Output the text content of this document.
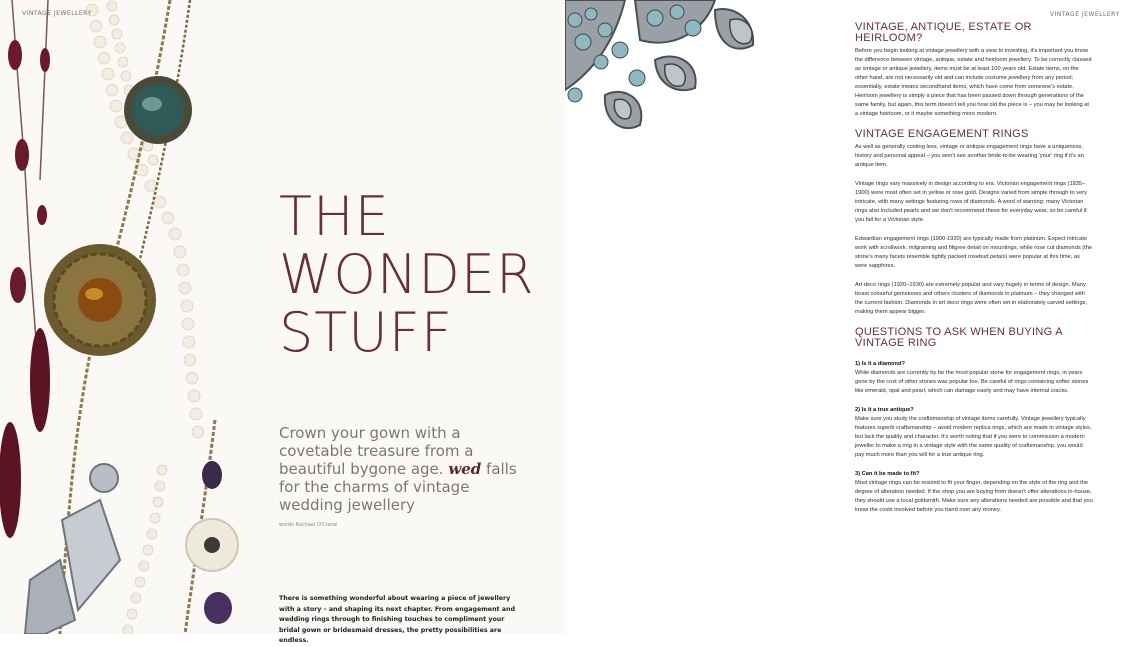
VINTAGE JEWELLERY
THE
WONDER
STUFF
Crown your gown with a covetable treasure from a beautiful bygone age. wed falls for the charms of vintage wedding jewellery
words Rachael O'Crane
There is something wonderful about wearing a piece of jewellery with a story – and shaping its next chapter. From engagement and wedding rings through to finishing touches to compliment your bridal gown or bridesmaid dresses, the pretty possibilities are endless.
VINTAGE JEWELLERY
VINTAGE, ANTIQUE, ESTATE OR HEIRLOOM?

Before you begin looking at vintage jewellery with a view to investing, it's important you know the difference between vintage, antique, estate and heirloom jewellery. To be correctly classed as vintage or antique jewellery, items must be at least 100 years old. Estate items, on the other hand, are not necessarily old and can include costume jewellery from any period; essentially, estate means secondhand items, which have come from someone's estate. Heirloom jewellery is simply a piece that has been passed down through generations of the same family, but again, this term doesn't tell you how old the piece is – you may be looking at a vintage heirloom, or it maybe something more modern.

VINTAGE ENGAGEMENT RINGS

As well as generally costing less, vintage or antique engagement rings have a uniqueness, history and personal appeal – you won't see another bride-to-be wearing 'your' ring if it's an antique item.

Vintage rings vary massively in design according to era. Victorian engagement rings (1835–1900) were most often set in yellow or rose gold. Designs varied from simple through to very intricate, with many settings featuring rows of diamonds. A word of warning: many Victorian rings also included pearls and we don't recommend these for everyday wear, so be careful if you fall for a Victorian style.

Edwardian engagement rings (1900-1920) are typically made from platinum. Expect intricate work with scrollwork, milgraining and filigree detail on mountings, while rose cut diamonds (the stone's many facets resemble tightly packed rosebud petals) were popular at this time, as were sapphires.

Art deco rings (1920–1930) are extremely popular and vary hugely in terms of design. Many boast colourful gemstones and others clusters of diamonds in platinum – they changed with the current fashion. Diamonds in art deco rings were often set in elaborately carved settings, making them appear bigger.

QUESTIONS TO ASK WHEN BUYING A VINTAGE RING

1) Is it a diamond?

While diamonds are currently by far the most popular stone for engagement rings, in years gone by the cost of other stones was popular too. Be careful of rings containing softer stones like emerald, opal and pearl, which can damage easily and may have internal cracks.

2) Is it a true antique?

Make sure you study the craftsmanship of vintage items carefully. Vintage jewellery typically features superb craftsmanship – avoid modern replica rings, which are made in vintage styles, but lack the quality and character. It's worth noting that if you were to commission a modern jeweller to make a ring in a vintage style with the same quality of craftsmanship, you would pay much more than you will for a true antique ring.

3) Can it be made to fit?

Most vintage rings can be resized to fit your finger, depending on the style of the ring and the degree of alteration needed. If the shop you are buying from doesn't offer alterations in-house, they should use a local goldsmith. Make sure any alterations needed are possible and that you know the costs involved before you hand over any money.
